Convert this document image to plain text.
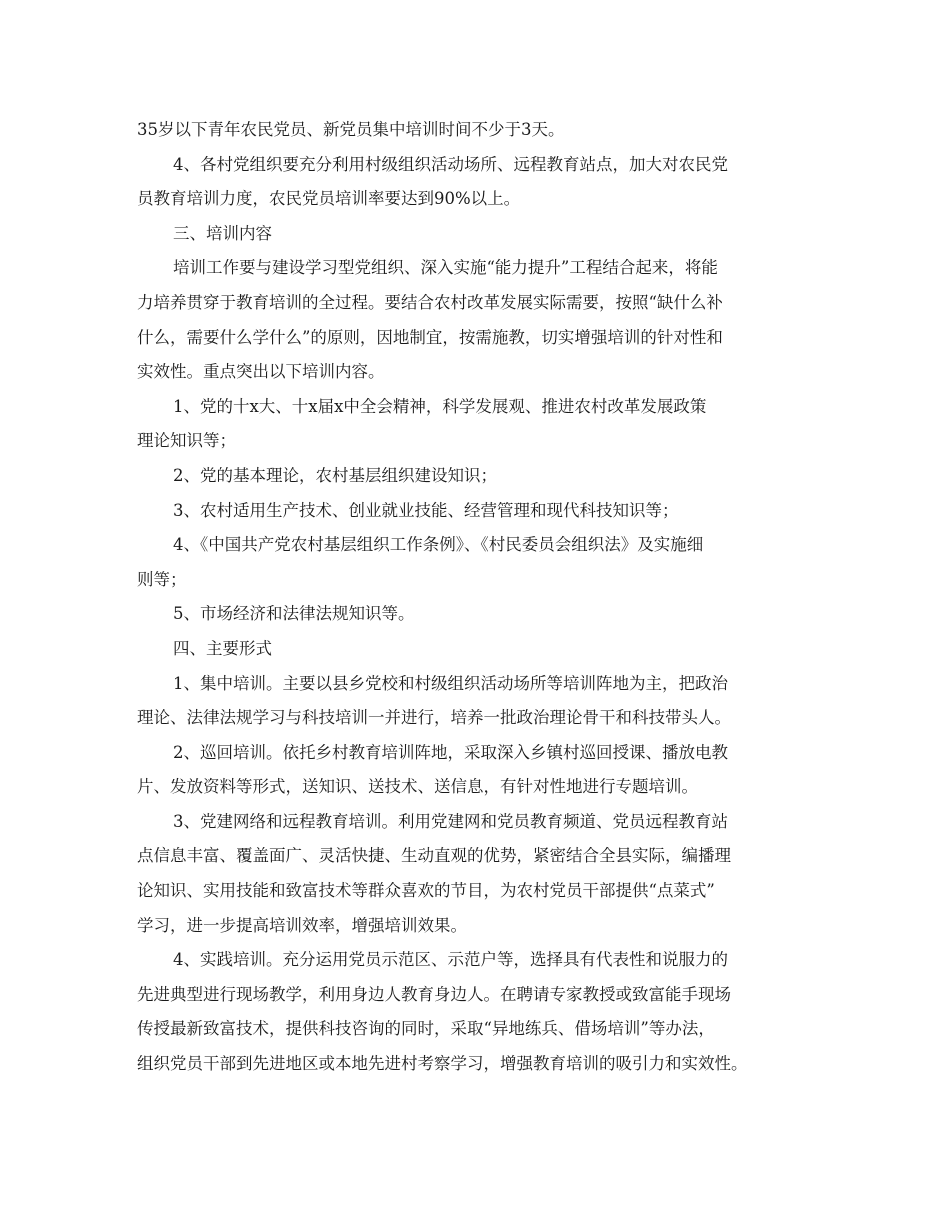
35岁以下青年农民党员、新党员集中培训时间不少于3天。
4、各村党组织要充分利用村级组织活动场所、远程教育站点，加大对农民党
员教育培训力度，农民党员培训率要达到90%以上。
三、培训内容
培训工作要与建设学习型党组织、深入实施“能力提升”工程结合起来，将能
力培养贯穿于教育培训的全过程。要结合农村改革发展实际需要，按照“缺什么补
什么，需要什么学什么”的原则，因地制宜，按需施教，切实增强培训的针对性和
实效性。重点突出以下培训内容。
1、党的十x大、十x届x中全会精神，科学发展观、推进农村改革发展政策
理论知识等；
2、党的基本理论，农村基层组织建设知识；
3、农村适用生产技术、创业就业技能、经营管理和现代科技知识等；
4、《中国共产党农村基层组织工作条例》、《村民委员会组织法》及实施细
则等；
5、市场经济和法律法规知识等。
四、主要形式
1、集中培训。主要以县乡党校和村级组织活动场所等培训阵地为主，把政治
理论、法律法规学习与科技培训一并进行，培养一批政治理论骨干和科技带头人。
2、巡回培训。依托乡村教育培训阵地，采取深入乡镇村巡回授课、播放电教
片、发放资料等形式，送知识、送技术、送信息，有针对性地进行专题培训。
3、党建网络和远程教育培训。利用党建网和党员教育频道、党员远程教育站
点信息丰富、覆盖面广、灵活快捷、生动直观的优势，紧密结合全县实际，编播理
论知识、实用技能和致富技术等群众喜欢的节目，为农村党员干部提供“点菜式”
学习，进一步提高培训效率，增强培训效果。
4、实践培训。充分运用党员示范区、示范户等，选择具有代表性和说服力的
先进典型进行现场教学，利用身边人教育身边人。在聘请专家教授或致富能手现场
传授最新致富技术，提供科技咨询的同时，采取“异地练兵、借场培训”等办法，
组织党员干部到先进地区或本地先进村考察学习，增强教育培训的吸引力和实效性。
